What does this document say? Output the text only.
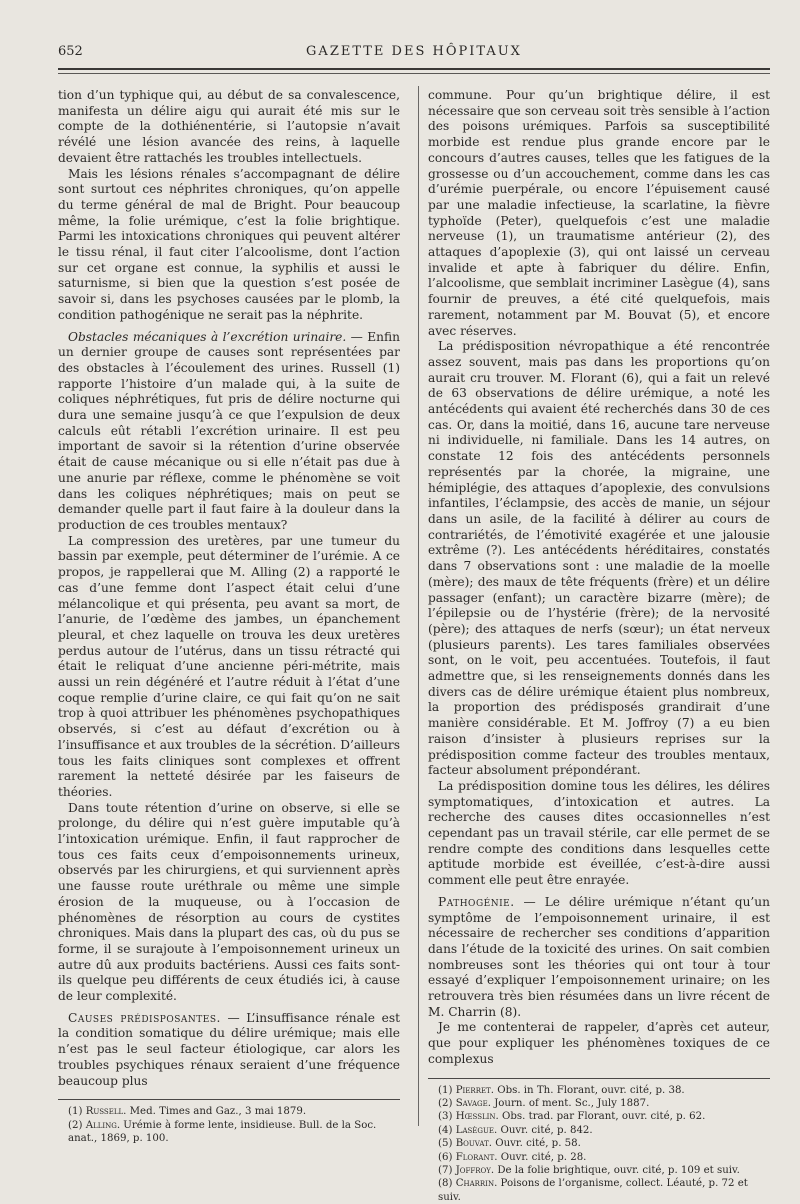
652	GAZETTE DES HÔPITAUX

tion d’un typhique qui, au début de sa convalescence, manifesta un délire aigu qui aurait été mis sur le compte de la dothiénentérie, si l’autopsie n’avait révélé une lésion avancée des reins, à laquelle devaient être rattachés les troubles intellectuels.

Mais les lésions rénales s’accompagnant de délire sont surtout ces néphrites chroniques, qu’on appelle du terme général de mal de Bright. Pour beaucoup même, la folie urémique, c’est la folie brightique. Parmi les intoxications chroniques qui peuvent altérer le tissu rénal, il faut citer l’alcoolisme, dont l’action sur cet organe est connue, la syphilis et aussi le saturnisme, si bien que la question s’est posée de savoir si, dans les psychoses causées par le plomb, la condition pathogénique ne serait pas la néphrite.

Obstacles mécaniques à l’excrétion urinaire. — Enfin un dernier groupe de causes sont représentées par des obstacles à l’écoulement des urines. Russell (1) rapporte l’histoire d’un malade qui, à la suite de coliques néphrétiques, fut pris de délire nocturne qui dura une semaine jusqu’à ce que l’expulsion de deux calculs eût rétabli l’excrétion urinaire. Il est peu important de savoir si la rétention d’urine observée était de cause mécanique ou si elle n’était pas due à une anurie par réflexe, comme le phénomène se voit dans les coliques néphrétiques; mais on peut se demander quelle part il faut faire à la douleur dans la production de ces troubles mentaux?

La compression des uretères, par une tumeur du bassin par exemple, peut déterminer de l’urémie. A ce propos, je rappellerai que M. Alling (2) a rapporté le cas d’une femme dont l’aspect était celui d’une mélancolique et qui présenta, peu avant sa mort, de l’anurie, de l’œdème des jambes, un épanchement pleural, et chez laquelle on trouva les deux uretères perdus autour de l’utérus, dans un tissu rétracté qui était le reliquat d’une ancienne péri-métrite, mais aussi un rein dégénéré et l’autre réduit à l’état d’une coque remplie d’urine claire, ce qui fait qu’on ne sait trop à quoi attribuer les phénomènes psychopathiques observés, si c’est au défaut d’excrétion ou à l’insuffisance et aux troubles de la sécrétion. D’ailleurs tous les faits cliniques sont complexes et offrent rarement la netteté désirée par les faiseurs de théories.

Dans toute rétention d’urine on observe, si elle se prolonge, du délire qui n’est guère imputable qu’à l’intoxication urémique. Enfin, il faut rapprocher de tous ces faits ceux d’empoisonnements urineux, observés par les chirurgiens, et qui surviennent après une fausse route uréthrale ou même une simple érosion de la muqueuse, ou à l’occasion de phénomènes de résorption au cours de cystites chroniques. Mais dans la plupart des cas, où du pus se forme, il se surajoute à l’empoisonnement urineux un autre dû aux produits bactériens. Aussi ces faits sont-ils quelque peu différents de ceux étudiés ici, à cause de leur complexité.

Causes prédisposantes. — L’insuffisance rénale est la condition somatique du délire urémique; mais elle n’est pas le seul facteur étiologique, car alors les troubles psychiques rénaux seraient d’une fréquence beaucoup plus

(1) Russell. Med. Times and Gaz., 3 mai 1879.
(2) Alling. Urémie à forme lente, insidieuse. Bull. de la Soc. anat., 1869, p. 100.

commune. Pour qu’un brightique délire, il est nécessaire que son cerveau soit très sensible à l’action des poisons urémiques. Parfois sa susceptibilité morbide est rendue plus grande encore par le concours d’autres causes, telles que les fatigues de la grossesse ou d’un accouchement, comme dans les cas d’urémie puerpérale, ou encore l’épuisement causé par une maladie infectieuse, la scarlatine, la fièvre typhoïde (Peter), quelquefois c’est une maladie nerveuse (1), un traumatisme antérieur (2), des attaques d’apoplexie (3), qui ont laissé un cerveau invalide et apte à fabriquer du délire. Enfin, l’alcoolisme, que semblait incriminer Lasègue (4), sans fournir de preuves, a été cité quelquefois, mais rarement, notamment par M. Bouvat (5), et encore avec réserves.

La prédisposition névropathique a été rencontrée assez souvent, mais pas dans les proportions qu’on aurait cru trouver. M. Florant (6), qui a fait un relevé de 63 observations de délire urémique, a noté les antécédents qui avaient été recherchés dans 30 de ces cas. Or, dans la moitié, dans 16, aucune tare nerveuse ni individuelle, ni familiale. Dans les 14 autres, on constate 12 fois des antécédents personnels représentés par la chorée, la migraine, une hémiplégie, des attaques d’apoplexie, des convulsions infantiles, l’éclampsie, des accès de manie, un séjour dans un asile, de la facilité à délirer au cours de contrariétés, de l’émotivité exagérée et une jalousie extrême (?). Les antécédents héréditaires, constatés dans 7 observations sont : une maladie de la moelle (mère); des maux de tête fréquents (frère) et un délire passager (enfant); un caractère bizarre (mère); de l’épilepsie ou de l’hystérie (frère); de la nervosité (père); des attaques de nerfs (sœur); un état nerveux (plusieurs parents). Les tares familiales observées sont, on le voit, peu accentuées. Toutefois, il faut admettre que, si les renseignements donnés dans les divers cas de délire urémique étaient plus nombreux, la proportion des prédisposés grandirait d’une manière considérable. Et M. Joffroy (7) a eu bien raison d’insister à plusieurs reprises sur la prédisposition comme facteur des troubles mentaux, facteur absolument prépondérant.

La prédisposition domine tous les délires, les délires symptomatiques, d’intoxication et autres. La recherche des causes dites occasionnelles n’est cependant pas un travail stérile, car elle permet de se rendre compte des conditions dans lesquelles cette aptitude morbide est éveillée, c’est-à-dire aussi comment elle peut être enrayée.

Pathogénie. — Le délire urémique n’étant qu’un symptôme de l’empoisonnement urinaire, il est nécessaire de rechercher ses conditions d’apparition dans l’étude de la toxicité des urines. On sait combien nombreuses sont les théories qui ont tour à tour essayé d’expliquer l’empoisonnement urinaire; on les retrouvera très bien résumées dans un livre récent de M. Charrin (8).

Je me contenterai de rappeler, d’après cet auteur, que pour expliquer les phénomènes toxiques de ce complexus

(1) Pierret. Obs. in Th. Florant, ouvr. cité, p. 38.
(2) Savage. Journ. of ment. Sc., July 1887.
(3) Hœsslin. Obs. trad. par Florant, ouvr. cité, p. 62.
(4) Lasègue. Ouvr. cité, p. 842.
(5) Bouvat. Ouvr. cité, p. 58.
(6) Florant. Ouvr. cité, p. 28.
(7) Joffroy. De la folie brightique, ouvr. cité, p. 109 et suiv.
(8) Charrin. Poisons de l’organisme, collect. Léauté, p. 72 et suiv.
